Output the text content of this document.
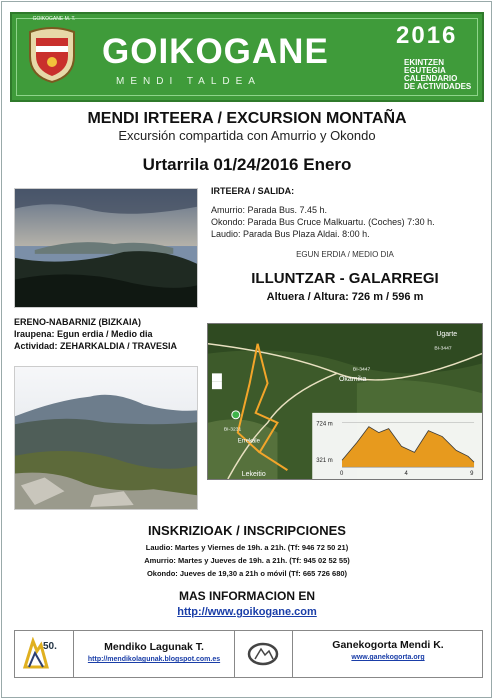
GOIKOGANE M. T.
GOIKOGANE
MENDI TALDEA
2016
EKINTZEN
EGUTEGIA
CALENDARIO
DE ACTIVIDADES
MENDI IRTEERA / EXCURSION MONTAÑA
Excursión compartida con Amurrio y Okondo
Urtarrila 01/24/2016 Enero
IRTEERA / SALIDA:
Amurrio: Parada Bus. 7.45 h.
Okondo: Parada Bus Cruce Malkuartu. (Coches) 7:30 h.
Laudio: Parada Bus Plaza Aldai. 8:00 h.
EGUN ERDIA / MEDIO DIA
ILLUNTZAR - GALARREGI
Altuera / Altura: 726 m / 596 m
ERENO-NABARNIZ (BIZKAIA)
Iraupena: Egun erdia / Medio dia
Actividad: ZEHARKALDIA / TRAVESIA
Ugarte
Okamika
Errekale
Lekeitio
BI-3447
BI-3447
BI-3231
724 m
321 m
0	4	9
INSKRIZIOAK / INSCRIPCIONES
Laudio: Martes y Viernes de 19h. a 21h. (Tf: 946 72 50 21)
Amurrio: Martes y Jueves de 19h. a 21h. (Tf: 945 02 52 55)
Okondo: Jueves de 19,30 a 21h o móvil (Tf: 665 726 680)
MAS INFORMACION EN
http://www.goikogane.com
50.	Mendiko Lagunak T.
http://mendikolagunak.blogspot.com.es
Ganekogorta Mendi K.
www.ganekogorta.org
